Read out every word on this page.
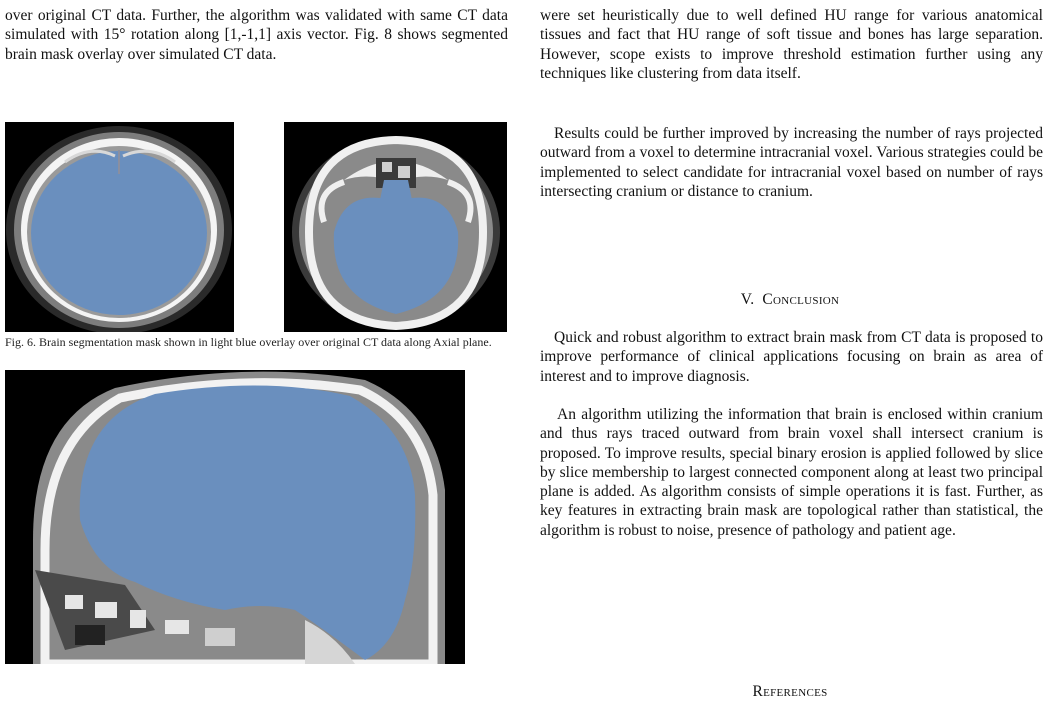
over original CT data. Further, the algorithm was validated with same CT data simulated with 15° rotation along [1,-1,1] axis vector. Fig. 8 shows segmented brain mask overlay over simulated CT data.

Fig. 6. Brain segmentation mask shown in light blue overlay over original CT data along Axial plane.

were set heuristically due to well defined HU range for various anatomical tissues and fact that HU range of soft tissue and bones has large separation. However, scope exists to improve threshold estimation further using any techniques like clustering from data itself.

Results could be further improved by increasing the number of rays projected outward from a voxel to determine intracranial voxel. Various strategies could be implemented to select candidate for intracranial voxel based on number of rays intersecting cranium or distance to cranium.

V. Conclusion

Quick and robust algorithm to extract brain mask from CT data is proposed to improve performance of clinical applications focusing on brain as area of interest and to improve diagnosis.

An algorithm utilizing the information that brain is enclosed within cranium and thus rays traced outward from brain voxel shall intersect cranium is proposed. To improve results, special binary erosion is applied followed by slice by slice membership to largest connected component along at least two principal plane is added. As algorithm consists of simple operations it is fast. Further, as key features in extracting brain mask are topological rather than statistical, the algorithm is robust to noise, presence of pathology and patient age.

References
